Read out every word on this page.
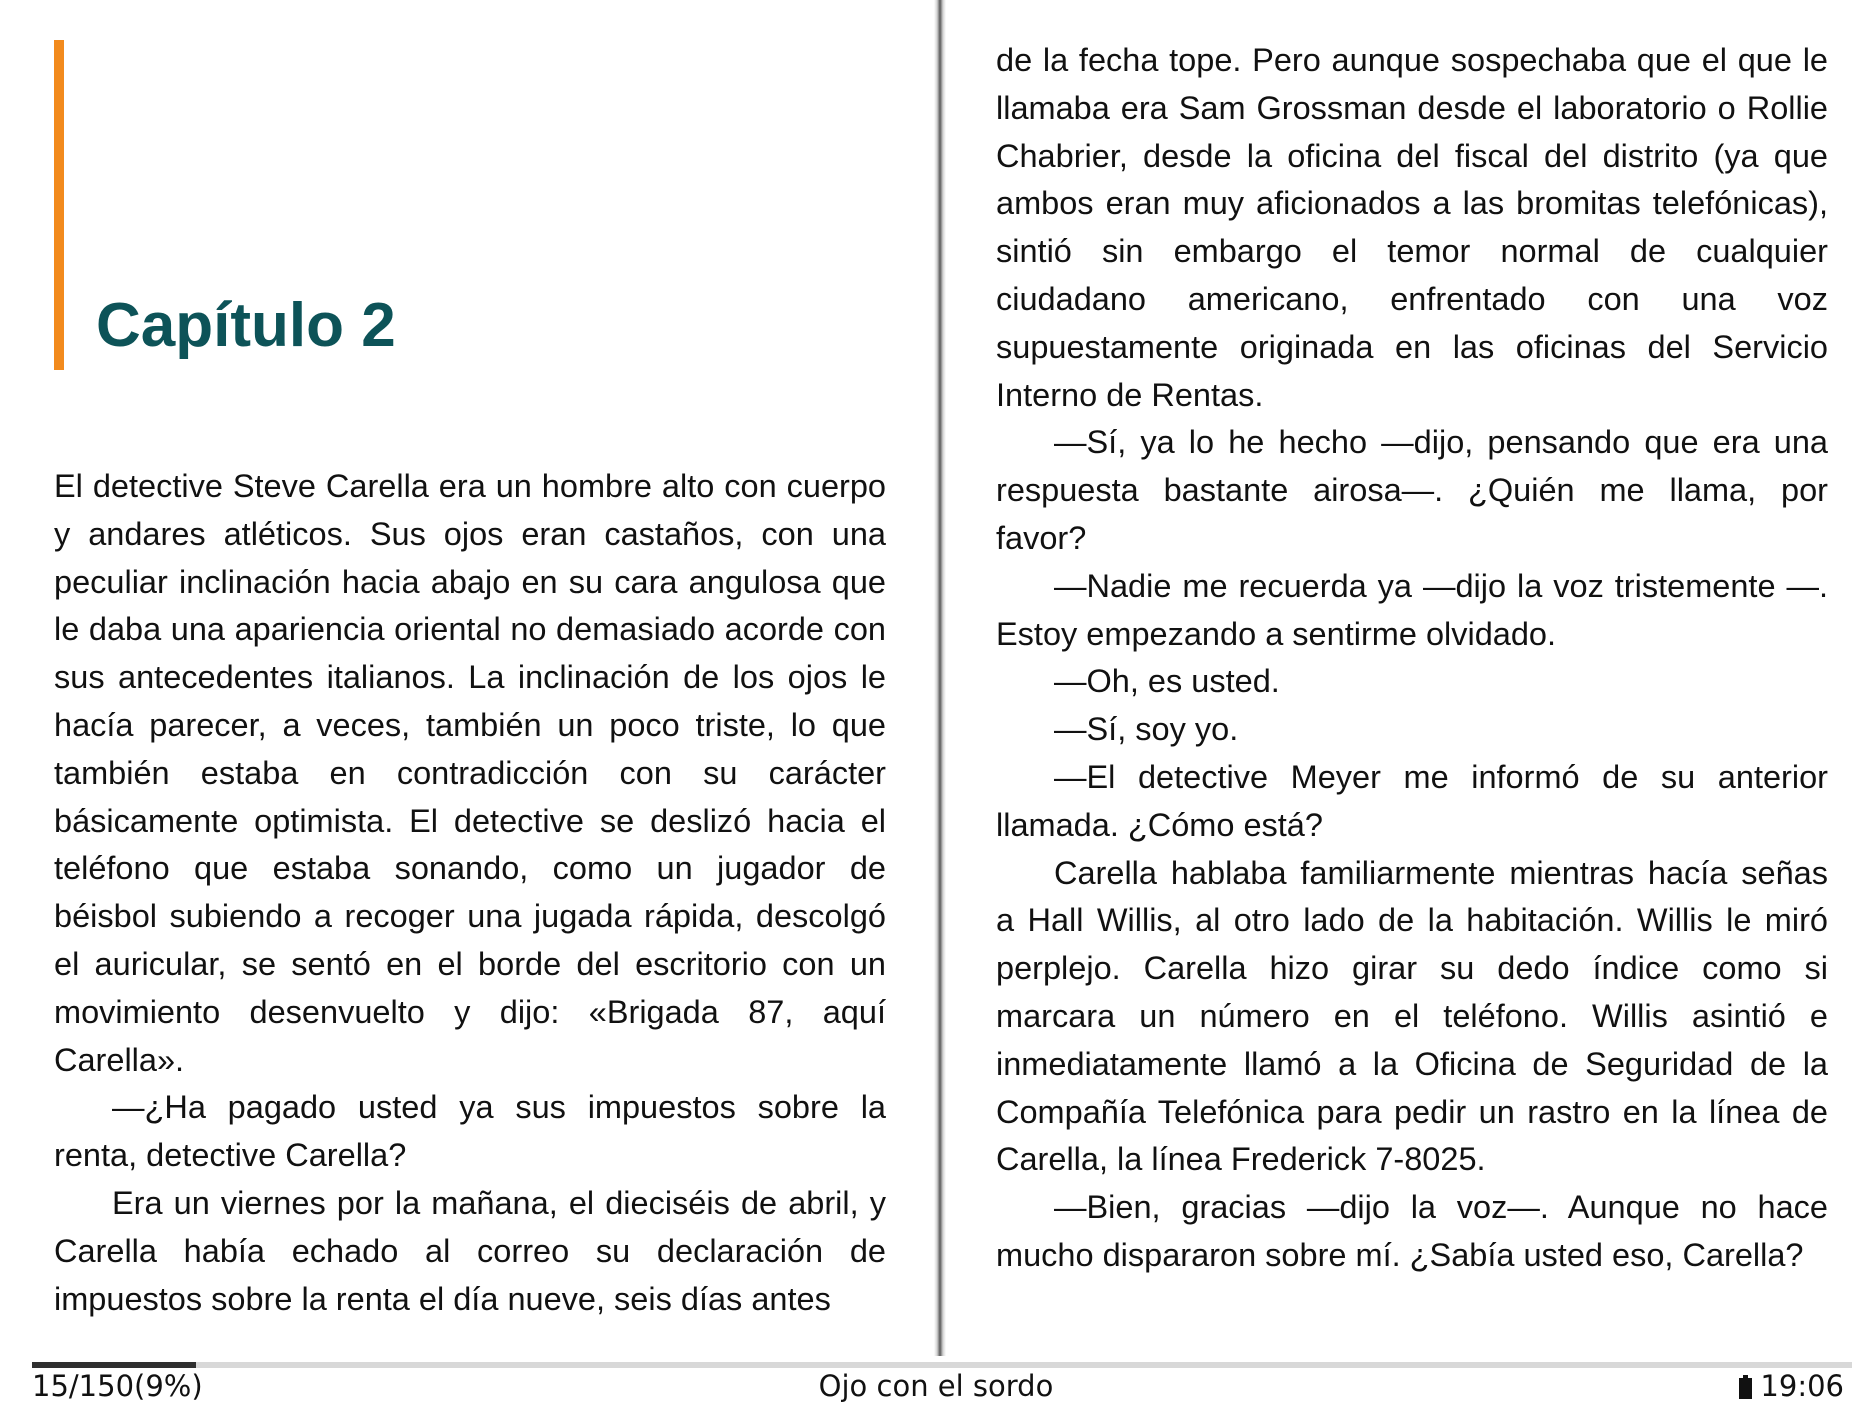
Capítulo 2

El detective Steve Carella era un hombre alto con cuerpo y andares atléticos. Sus ojos eran castaños, con una peculiar inclinación hacia abajo en su cara angulosa que le daba una apariencia oriental no demasiado acorde con sus antecedentes italianos. La inclinación de los ojos le hacía parecer, a veces, también un poco triste, lo que también estaba en contradicción con su carácter básicamente optimista. El detective se deslizó hacia el teléfono que estaba sonando, como un jugador de béisbol subiendo a recoger una jugada rápida, descolgó el auricular, se sentó en el borde del escritorio con un movimiento desenvuelto y dijo: «Brigada 87, aquí Carella».

—¿Ha pagado usted ya sus impuestos sobre la renta, detective Carella?

Era un viernes por la mañana, el dieciséis de abril, y Carella había echado al correo su declaración de impuestos sobre la renta el día nueve, seis días antes

de la fecha tope. Pero aunque sospechaba que el que le llamaba era Sam Grossman desde el laboratorio o Rollie Chabrier, desde la oficina del fiscal del distrito (ya que ambos eran muy aficionados a las bromitas telefónicas), sintió sin embargo el temor normal de cualquier ciudadano americano, enfrentado con una voz supuestamente originada en las oficinas del Servicio Interno de Rentas.

—Sí, ya lo he hecho —dijo, pensando que era una respuesta bastante airosa—. ¿Quién me llama, por favor?

—Nadie me recuerda ya —dijo la voz tristemente —. Estoy empezando a sentirme olvidado.

—Oh, es usted.

—Sí, soy yo.

—El detective Meyer me informó de su anterior llamada. ¿Cómo está?

Carella hablaba familiarmente mientras hacía señas a Hall Willis, al otro lado de la habitación. Willis le miró perplejo. Carella hizo girar su dedo índice como si marcara un número en el teléfono. Willis asintió e inmediatamente llamó a la Oficina de Seguridad de la Compañía Telefónica para pedir un rastro en la línea de Carella, la línea Frederick 7-8025.

—Bien, gracias —dijo la voz—. Aunque no hace mucho dispararon sobre mí. ¿Sabía usted eso, Carella?

15/150(9%)	Ojo con el sordo	19:06
